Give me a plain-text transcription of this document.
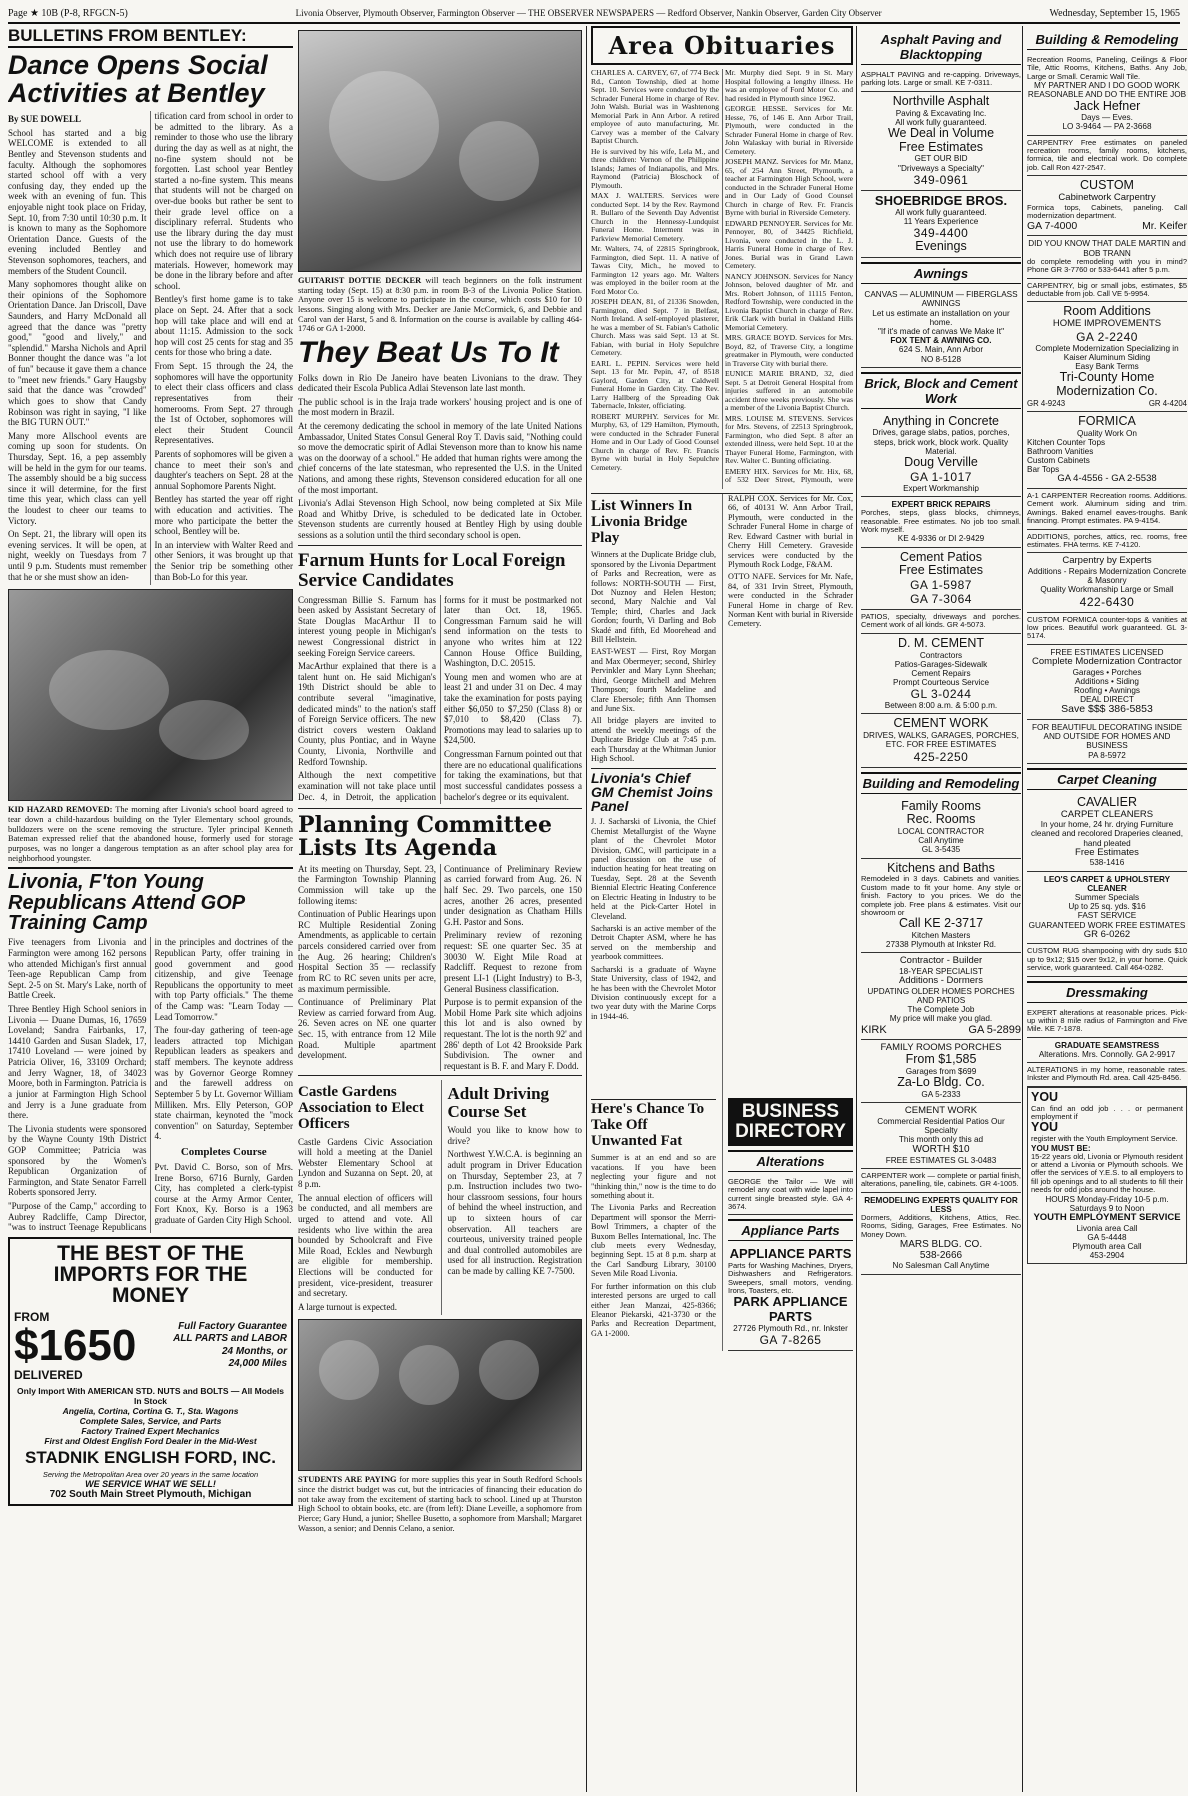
Page ★ 10B (P-8, RFGCN-5)	Livonia Observer, Plymouth Observer, Farmington Observer — THE OBSERVER NEWSPAPERS — Redford Observer, Nankin Observer, Garden City Observer	Wednesday, September 15, 1965
BULLETINS FROM BENTLEY:
Dance Opens Social Activities at Bentley
By SUE DOWELL

School has started and a big WELCOME is extended to all Bentley and Stevenson students and faculty. Although the sophomores started school off with a very confusing day, they ended up the week with an evening of fun. This enjoyable night took place on Friday, Sept. 10, from 7:30 until 10:30 p.m. It is known to many as the Sophomore Orientation Dance. Guests of the evening included Bentley and Stevenson sophomores, teachers, and members of the Student Council.

Many sophomores thought alike on their opinions of the Sophomore Orientation Dance. Jan Driscoll, Dave Saunders, and Harry McDonald all agreed that the dance was "pretty good," "good and lively," and "splendid." Marsha Nichols and April Bonner thought the dance was "a lot of fun" because it gave them a chance to "meet new friends." Gary Haugsby said that the dance was "crowded" which goes to show that Candy Robinson was right in saying, "I like the BIG TURN OUT."

Many more Allschool events are coming up soon for students. On Thursday, Sept. 16, a pep assembly will be held in the gym for our teams. The assembly should be a big success since it will determine, for the first time this year, which class can yell the loudest to cheer our teams to Victory.

On Sept. 21, the library will open its evening services. It will be open, at night, weekly on Tuesdays from 7 until 9 p.m. Students must remember that he or she must show an iden-

tification card from school in order to be admitted to the library. As a reminder to those who use the library during the day as well as at night, the no-fine system should not be forgotten. Last school year Bentley started a no-fine system. This means that students will not be charged on over-due books but rather be sent to their grade level office on a disciplinary referral. Students who use the library during the day must not use the library to do homework which does not require use of library materials. However, homework may be done in the library before and after school.

Bentley's first home game is to take place on Sept. 24. After that a sock hop will take place and will end at about 11:15. Admission to the sock hop will cost 25 cents for stag and 35 cents for those who bring a date.

From Sept. 15 through the 24, the sophomores will have the opportunity to elect their class officers and class representatives from their homerooms. From Sept. 27 through the 1st of October, sophomores will elect their Student Council Representatives.

Parents of sophomores will be given a chance to meet their son's and daughter's teachers on Sept. 28 at the annual Sophomore Parents Night.

Bentley has started the year off right with education and activities. The more who participate the better the school, Bentley will be.

In an interview with Walter Reed and other Seniors, it was brought up that the Senior trip be something other than Bob-Lo for this year.

KID HAZARD REMOVED: The morning after Livonia's school board agreed to tear down a child-hazardous building on the Tyler Elementary school grounds, bulldozers were on the scene removing the structure. Tyler principal Kenneth Bateman expressed relief that the abandoned house, formerly used for storage purposes, was no longer a dangerous temptation as an after school play area for neighborhood youngster.
Livonia, F'ton Young Republicans Attend GOP Training Camp

Five teenagers from Livonia and Farmington were among 162 persons who attended Michigan's first annual Teen-age Republican Camp from Sept. 2-5 on St. Mary's Lake, north of Battle Creek.

Three Bentley High School seniors in Livonia — Duane Dumas, 16, 17659 Loveland; Sandra Fairbanks, 17, 14410 Garden and Susan Sladek, 17, 17410 Loveland — were joined by Patricia Oliver, 16, 33109 Orchard; and Jerry Wagner, 18, of 34023 Moore, both in Farmington. Patricia is a junior at Farmington High School and Jerry is a June graduate from there.

The Livonia students were sponsored by the Wayne County 19th District GOP Committee; Patricia was sponsored by the Women's Republican Organization of Farmington, and State Senator Farrell Roberts sponsored Jerry.

"Purpose of the Camp," according to Aubrey Radcliffe, Camp Director, "was to instruct Teenage Republicans in the principles and doctrines of the Republican Party, offer training in good government and good citizenship, and give Teenage Republicans the opportunity to meet with top Party officials." The theme of the Camp was: "Learn Today — Lead Tomorrow."

The four-day gathering of teen-age leaders attracted top Michigan Republican leaders as speakers and staff members. The keynote address was by Governor George Romney and the farewell address on September 5 by Lt. Governor William Milliken. Mrs. Elly Peterson, GOP state chairman, keynoted the "mock convention" on Saturday, September 4.

Completes Course

Pvt. David C. Borso, son of Mrs. Irene Borso, 6716 Burnly, Garden City, has completed a clerk-typist course at the Army Armor Center, Fort Knox, Ky. Borso is a 1963 graduate of Garden City High School.

THE BEST OF THE IMPORTS FOR THE MONEY
FROM
$1650
DELIVERED
Full Factory Guarantee
ALL PARTS and LABOR
24 Months, or
24,000 Miles
Only Import With AMERICAN STD. NUTS and BOLTS — All Models In Stock
Angelia, Cortina, Cortina G. T., Sta. Wagons
Complete Sales, Service, and Parts
Factory Trained Expert Mechanics
First and Oldest English Ford Dealer in the Mid-West
STADNIK ENGLISH FORD, INC.
Serving the Metropolitan Area over 20 years in the same location
WE SERVICE WHAT WE SELL!
702 South Main Street Plymouth, Michigan
GUITARIST DOTTIE DECKER will teach beginners on the folk instrument starting today (Sept. 15) at 8:30 p.m. in room B-3 of the Livonia Police Station. Anyone over 15 is welcome to participate in the course, which costs $10 for 10 lessons. Singing along with Mrs. Decker are Janie McCormick, 6, and Debbie and Carol van der Harst, 5 and 8. Information on the course is available by calling 464-1746 or GA 1-2000.
They Beat Us To It

Folks down in Rio De Janeiro have beaten Livonians to the draw. They dedicated their Escola Publica Adlai Stevenson late last month.

The public school is in the Iraja trade workers' housing project and is one of the most modern in Brazil.

At the ceremony dedicating the school in memory of the late United Nations Ambassador, United States Consul General Roy T. Davis said, "Nothing could so move the democratic spirit of Adlai Stevenson more than to know his name was on the doorway of a school." He added that human rights were among the chief concerns of the late statesman, who represented the U.S. in the United Nations, and among these rights, Stevenson considered education for all one of the most important.

Livonia's Adlai Stevenson High School, now being completed at Six Mile Road and Whitby Drive, is scheduled to be dedicated late in October. Stevenson students are currently housed at Bentley High by using double sessions as a solution until the third secondary school is open.

Farnum Hunts for Local Foreign Service Candidates

Congressman Billie S. Farnum has been asked by Assistant Secretary of State Douglas MacArthur II to interest young people in Michigan's newest Congressional district in seeking Foreign Service careers.

MacArthur explained that there is a talent hunt on. He said Michigan's 19th District should be able to contribute several "imaginative, dedicated minds" to the nation's staff of Foreign Service officers. The new district covers western Oakland County, plus Pontiac, and in Wayne County, Livonia, Northville and Redford Township.

Although the next competitive examination will not take place until Dec. 4, in Detroit, the application forms for it must be postmarked not later than Oct. 18, 1965. Congressman Farnum said he will send information on the tests to anyone who writes him at 122 Cannon House Office Building, Washington, D.C. 20515.

Young men and women who are at least 21 and under 31 on Dec. 4 may take the examination for posts paying either $6,050 to $7,250 (Class 8) or $7,010 to $8,420 (Class 7). Promotions may lead to salaries up to $24,500.

Congressman Farnum pointed out that there are no educational qualifications for taking the examinations, but that most successful candidates possess a bachelor's degree or its equivalent.

Planning Committee Lists Its Agenda

At its meeting on Thursday, Sept. 23, the Farmington Township Planning Commission will take up the following items:

Continuation of Public Hearings upon RC Multiple Residential Zoning Amendments, as applicable to certain parcels considered carried over from the Aug. 26 hearing; Children's Hospital Section 35 — reclassify from RC to RC seven units per acre, as maximum permissible.

Continuance of Preliminary Plat Review as carried forward from Aug. 26. Seven acres on NE one quarter Sec. 15, with entrance from 12 Mile Road. Multiple apartment development.

Continuance of Preliminary Review as carried forward from Aug. 26. N half Sec. 29. Two parcels, one 150 acres, another 26 acres, presented under designation as Chatham Hills G.H. Pastor and Sons.

Preliminary review of rezoning request: SE one quarter Sec. 35 at 30030 W. Eight Mile Road at Radcliff. Request to rezone from present LI-1 (Light Industry) to B-3, General Business classification.

Purpose is to permit expansion of the Mobil Home Park site which adjoins this lot and is also owned by requestant. The lot is the north 92' and 286' depth of Lot 42 Brookside Park Subdivision. The owner and requestant is B. F. and Mary F. Dodd.

Castle Gardens Association to Elect Officers

Castle Gardens Civic Association will hold a meeting at the Daniel Webster Elementary School at Lyndon and Suzanna on Sept. 20, at 8 p.m.

The annual election of officers will be conducted, and all members are urged to attend and vote. All residents who live within the area bounded by Schoolcraft and Five Mile Road, Eckles and Newburgh are eligible for membership. Elections will be conducted for president, vice-president, treasurer and secretary.

A large turnout is expected.

Adult Driving Course Set

Would you like to know how to drive?

Northwest Y.W.C.A. is beginning an adult program in Driver Education on Thursday, September 23, at 7 p.m. Instruction includes two two-hour classroom sessions, four hours of behind the wheel instruction, and up to sixteen hours of car observation. All teachers are courteous, university trained people and dual controlled automobiles are used for all instruction. Registration can be made by calling KE 7-7500.

STUDENTS ARE PAYING for more supplies this year in South Redford Schools since the district budget was cut, but the intricacies of financing their education do not take away from the excitement of starting back to school. Lined up at Thurston High School to obtain books, etc. are (from left): Diane Leveille, a sophomore from Pierce; Gary Hund, a junior; Shellee Busetto, a sophomore from Marshall; Margaret Wasson, a senior; and Dennis Celano, a senior.
Area Obituaries

CHARLES A. CARVEY, 67, of 774 Beck Rd., Canton Township, died at home Sept. 10. Services were conducted by the Schrader Funeral Home in charge of Rev. John Walsh. Burial was in Washtenong Memorial Park in Ann Arbor. A retired employee of auto manufacturing, Mr. Carvey was a member of the Calvary Baptist Church.

He is survived by his wife, Lela M., and three children: Vernon of the Philippine Islands; James of Indianapolis, and Mrs. Raymond (Patricia) Bloschock of Plymouth.

MAX J. WALTERS. Services were conducted Sept. 14 by the Rev. Raymond R. Bullaro of the Seventh Day Adventist Church in the Hennessy-Lundquist Funeral Home. Interment was in Parkview Memorial Cemetery.

Mr. Walters, 74, of 22815 Springbrook, Farmington, died Sept. 11. A native of Tawas City, Mich., he moved to Farmington 12 years ago. Mr. Walters was employed in the boiler room at the Ford Motor Co.

JOSEPH DEAN, 81, of 21336 Snowden, Farmington, died Sept. 7 in Belfast, North Ireland. A self-employed plasterer, he was a member of St. Fabian's Catholic Church. Mass was said Sept. 13 at St. Fabian, with burial in Holy Sepulchre Cemetery.

EARL L. PEPIN. Services were held Sept. 13 for Mr. Pepin, 47, of 8518 Gaylord, Garden City, at Caldwell Funeral Home in Garden City. The Rev. Larry Hallberg of the Spreading Oak Tabernacle, Inkster, officiating.

ROBERT MURPHY. Services for Mr. Murphy, 63, of 129 Hamilton, Plymouth, were conducted in the Schrader Funeral Home and in Our Lady of Good Counsel Church in charge of Rev. Fr. Francis Byrne with burial in Holy Sepulchre Cemetery.

Mr. Murphy died Sept. 9 in St. Mary Hospital following a lengthy illness. He was an employee of Ford Motor Co. and had resided in Plymouth since 1962.

GEORGE HESSE. Services for Mr. Hesse, 76, of 146 E. Ann Arbor Trail, Plymouth, were conducted in the Schrader Funeral Home in charge of Rev. John Walaskay with burial in Riverside Cemetery.

JOSEPH MANZ. Services for Mr. Manz, 65, of 254 Ann Street, Plymouth, a teacher at Farmington High School, were conducted in the Schrader Funeral Home and in Our Lady of Good Counsel Church in charge of Rev. Fr. Francis Byrne with burial in Riverside Cemetery.

EDWARD PENNOYER. Services for Mr. Pennoyer, 80, of 34425 Richfield, Livonia, were conducted in the L. J. Harris Funeral Home in charge of Rev. Jones. Burial was in Grand Lawn Cemetery.

NANCY JOHNSON. Services for Nancy Johnson, beloved daughter of Mr. and Mrs. Robert Johnson, of 11115 Fenton, Redford Township, were conducted in the Livonia Baptist Church in charge of Rev. Erik Clark with burial in Oakland Hills Memorial Cemetery.

MRS. GRACE BOYD. Services for Mrs. Boyd, 82, of Traverse City, a longtime greatmaker in Plymouth, were conducted in Traverse City with burial there.

EUNICE MARIE BRAND, 32, died Sept. 5 at Detroit General Hospital from injuries suffered in an automobile accident three weeks previously. She was a member of the Livonia Baptist Church.

MRS. LOUISE M. STEVENS. Services for Mrs. Stevens, of 22513 Springbrook, Farmington, who died Sept. 8 after an extended illness, were held Sept. 10 at the Thayer Funeral Home, Farmington, with Rev. Walter C. Bunting officiating.

EMERY HIX. Services for Mr. Hix, 68, of 532 Deer Street, Plymouth, were

List Winners In Livonia Bridge Play

Winners at the Duplicate Bridge club, sponsored by the Livonia Department of Parks and Recreation, were as follows: NORTH-SOUTH — First, Dot Nuznoy and Helen Heston; second, Mary Nalchie and Val Temple; third, Charles and Jack Gordon; fourth, Vi Darling and Bob Skadé and fifth, Ed Moorehead and Bill Hellstein.

EAST-WEST — First, Roy Morgan and Max Obermeyer; second, Shirley Pervinkler and Mary Lynn Sheehan; third, George Mitchell and Mehren Thompson; fourth Madeline and Clare Ebersole; fifth Ann Thomsen and June Six.

All bridge players are invited to attend the weekly meetings of the Duplicate Bridge Club at 7:45 p.m. each Thursday at the Whitman Junior High School.

Livonia's Chief GM Chemist Joins Panel

J. J. Sacharski of Livonia, the Chief Chemist Metallurgist of the Wayne plant of the Chevrolet Motor Division, GMC, will participate in a panel discussion on the use of induction heating for heat treating on Tuesday, Sept. 28 at the Seventh Biennial Electric Heating Conference on Electric Heating in Industry to be held at the Pick-Carter Hotel in Cleveland.

Sacharski is an active member of the Detroit Chapter ASM, where he has served on the membership and yearbook committees.

Sacharski is a graduate of Wayne State University, class of 1942, and he has been with the Chevrolet Motor Division continuously except for a two year duty with the Marine Corps in 1944-46.

RALPH COX. Services for Mr. Cox, 66, of 40131 W. Ann Arbor Trail, Plymouth, were conducted in the Schrader Funeral Home in charge of Rev. Edward Castner with burial in Cherry Hill Cemetery. Graveside services were conducted by the Plymouth Rock Lodge, F&AM.

OTTO NAFE. Services for Mr. Nafe, 84, of 331 Irvin Street, Plymouth, were conducted in the Schrader Funeral Home in charge of Rev. Norman Kent with burial in Riverside Cemetery.

Here's Chance To Take Off Unwanted Fat

Summer is at an end and so are vacations. If you have been neglecting your figure and not "thinking thin," now is the time to do something about it.

The Livonia Parks and Recreation Department will sponsor the Merri-Bowl Trimmers, a chapter of the Buxom Belles International, Inc. The club meets every Wednesday, beginning Sept. 15 at 8 p.m. sharp at the Carl Sandburg Library, 30100 Seven Mile Road Livonia.

For further information on this club interested persons are urged to call either Jean Manzai, 425-8366; Eleanor Piekarski, 421-3730 or the Parks and Recreation Department, GA 1-2000.

BUSINESS DIRECTORY
Alterations
GEORGE the Tailor — We will remodel any coat with wide lapel into current single breasted style. GA 4-3674.
Appliance Parts
APPLIANCE PARTS
Parts for Washing Machines, Dryers, Dishwashers and Refrigerators. Sweepers, small motors, vending. Irons, Toasters, etc.
PARK APPLIANCE PARTS
27726 Plymouth Rd., nr. Inkster
GA 7-8265
Asphalt Paving and Blacktopping
ASPHALT PAVING and re-capping. Driveways, parking lots. Large or small. KE 7-0311.
Northville Asphalt
Paving & Excavating Inc.
All work fully guaranteed.
We Deal in Volume
Free Estimates
GET OUR BID
"Driveways a Specialty"
349-0961
SHOEBRIDGE BROS.
All work fully guaranteed.
11 Years Experience
349-4400
Evenings
Awnings
CANVAS — ALUMINUM — FIBERGLASS AWNINGS
Let us estimate an installation on your home.
"If it's made of canvas We Make It"
FOX TENT & AWNING CO.
624 S. Main, Ann Arbor
NO 8-5128
Brick, Block and Cement Work
Anything in Concrete
Drives, garage slabs, patios, porches, steps, brick work, block work. Quality Material.
Doug Verville
GA 1-1017
Expert Workmanship
EXPERT BRICK REPAIRS
Porches, steps, glass blocks, chimneys, reasonable. Free estimates. No job too small. Work myself.
KE 4-9336 or DI 2-9429
Cement Patios
Free Estimates
GA 1-5987
GA 7-3064
PATIOS, specialty, driveways and porches. Cement work of all kinds. GR 4-5073.
D. M. CEMENT
Contractors
Patios-Garages-Sidewalk
Cement Repairs
Prompt Courteous Service
GL 3-0244
Between 8:00 a.m. & 5:00 p.m.
CEMENT WORK
DRIVES, WALKS, GARAGES, PORCHES, ETC. FOR FREE ESTIMATES
425-2250
Building and Remodeling
Family Rooms
Rec. Rooms
LOCAL CONTRACTOR
Call Anytime
GL 3-5435
Kitchens and Baths
Remodeled in 3 days. Cabinets and vanities. Custom made to fit your home. Any style or finish. Factory to you prices. We do the complete job. Free plans & estimates. Visit our showroom or
Call KE 2-3717
Kitchen Masters
27338 Plymouth at Inkster Rd.
Contractor - Builder
18-YEAR SPECIALIST
Additions - Dormers
UPDATING OLDER HOMES PORCHES AND PATIOS
The Complete Job
My price will make you glad.
KIRK	GA 5-2899
FAMILY ROOMS PORCHES
From $1,585
Garages from $699
Za-Lo Bldg. Co.
GA 5-2333
CEMENT WORK
Commercial Residential Patios Our Specialty
This month only this ad
WORTH $10
FREE ESTIMATES GL 3-0483
CARPENTER work — complete or partial finish, alterations, panelling, tile, cabinets. GR 4-1005.
REMODELING EXPERTS QUALITY FOR LESS
Dormers, Additions, Kitchens, Attics, Rec. Rooms, Siding, Garages, Free Estimates. No Money Down.
MARS BLDG. CO.
538-2666
No Salesman Call Anytime
Building & Remodeling
Recreation Rooms, Paneling, Ceilings & Floor Tile, Attic Rooms, Kitchens, Baths. Any Job, Large or Small. Ceramic Wall Tile.
MY PARTNER AND I DO GOOD WORK REASONABLE AND DO THE ENTIRE JOB
Jack Hefner
Days — Eves.
LO 3-9464 — PA 2-3668
CARPENTRY Free estimates on paneled recreation rooms, family rooms, kitchens, formica, tile and electrical work. Do complete job. Call Ron 427-2547.
CUSTOM
Cabinetwork Carpentry
Formica tops, Cabinets, paneling. Call modernization department.
GA 7-4000	Mr. Keifer
DID YOU KNOW THAT DALE MARTIN and BOB TRANN
do complete remodeling with you in mind? Phone GR 3-7760 or 533-6441 after 5 p.m.
CARPENTRY, big or small jobs, estimates, $5 deductable from job. Call VE 5-9954.
Room Additions
HOME IMPROVEMENTS
GA 2-2240
Complete Modernization Specializing in Kaiser Aluminum Siding
Easy Bank Terms
Tri-County Home Modernization Co.
GR 4-9243	GR 4-4204
FORMICA
Quality Work On
Kitchen Counter Tops
Bathroom Vanities
Custom Cabinets
Bar Tops
GA 4-4556 - GA 2-5538
A-1 CARPENTER Recreation rooms. Additions. Cement work. Aluminum siding and trim. Awnings. Baked enamel eaves-troughs. Bank financing. Prompt estimates. PA 9-4154.
ADDITIONS, porches, attics, rec. rooms, free estimates. FHA terms. KE 7-4120.
Carpentry by Experts
Additions - Repairs Modernization Concrete & Masonry
Quality Workmanship Large or Small
422-6430
CUSTOM FORMICA counter-tops & vanities at low prices. Beautiful work guaranteed. GL 3-5174.
FREE ESTIMATES LICENSED
Complete Modernization Contractor
Garages • Porches
Additions • Siding
Roofing • Awnings
DEAL DIRECT
Save $$$ 386-5853
FOR BEAUTIFUL DECORATING INSIDE AND OUTSIDE FOR HOMES AND BUSINESS
PA 8-5972
Carpet Cleaning
CAVALIER
CARPET CLEANERS
In your home, 24 hr. drying Furniture cleaned and recolored Draperies cleaned, hand pleated
Free Estimates
538-1416
LEO'S CARPET & UPHOLSTERY CLEANER
Summer Specials
Up to 25 sq. yds. $16
FAST SERVICE
GUARANTEED WORK FREE ESTIMATES
GR 6-0262
CUSTOM RUG shampooing with dry suds $10 up to 9x12; $15 over 9x12, in your home. Quick service, work guaranteed. Call 464-0282.
Dressmaking
EXPERT alterations at reasonable prices. Pick-up within 8 mile radius of Farmington and Five Mile. KE 7-1878.
GRADUATE SEAMSTRESS
Alterations. Mrs. Connolly. GA 2-9917
ALTERATIONS in my home, reasonable rates. Inkster and Plymouth Rd. area. Call 425-8456.
YOU
Can find an odd job . . . or permanent employment if
YOU
register with the Youth Employment Service.
YOU MUST BE:
15-22 years old, Livonia or Plymouth resident or attend a Livonia or Plymouth schools. We offer the services of Y.E.S. to all employers to fill job openings and to all students to fill their needs for odd jobs around the house.
HOURS Monday-Friday 10-5 p.m. Saturdays 9 to Noon
YOUTH EMPLOYMENT SERVICE
Livonia area Call
GA 5-4448
Plymouth area Call
453-2904
